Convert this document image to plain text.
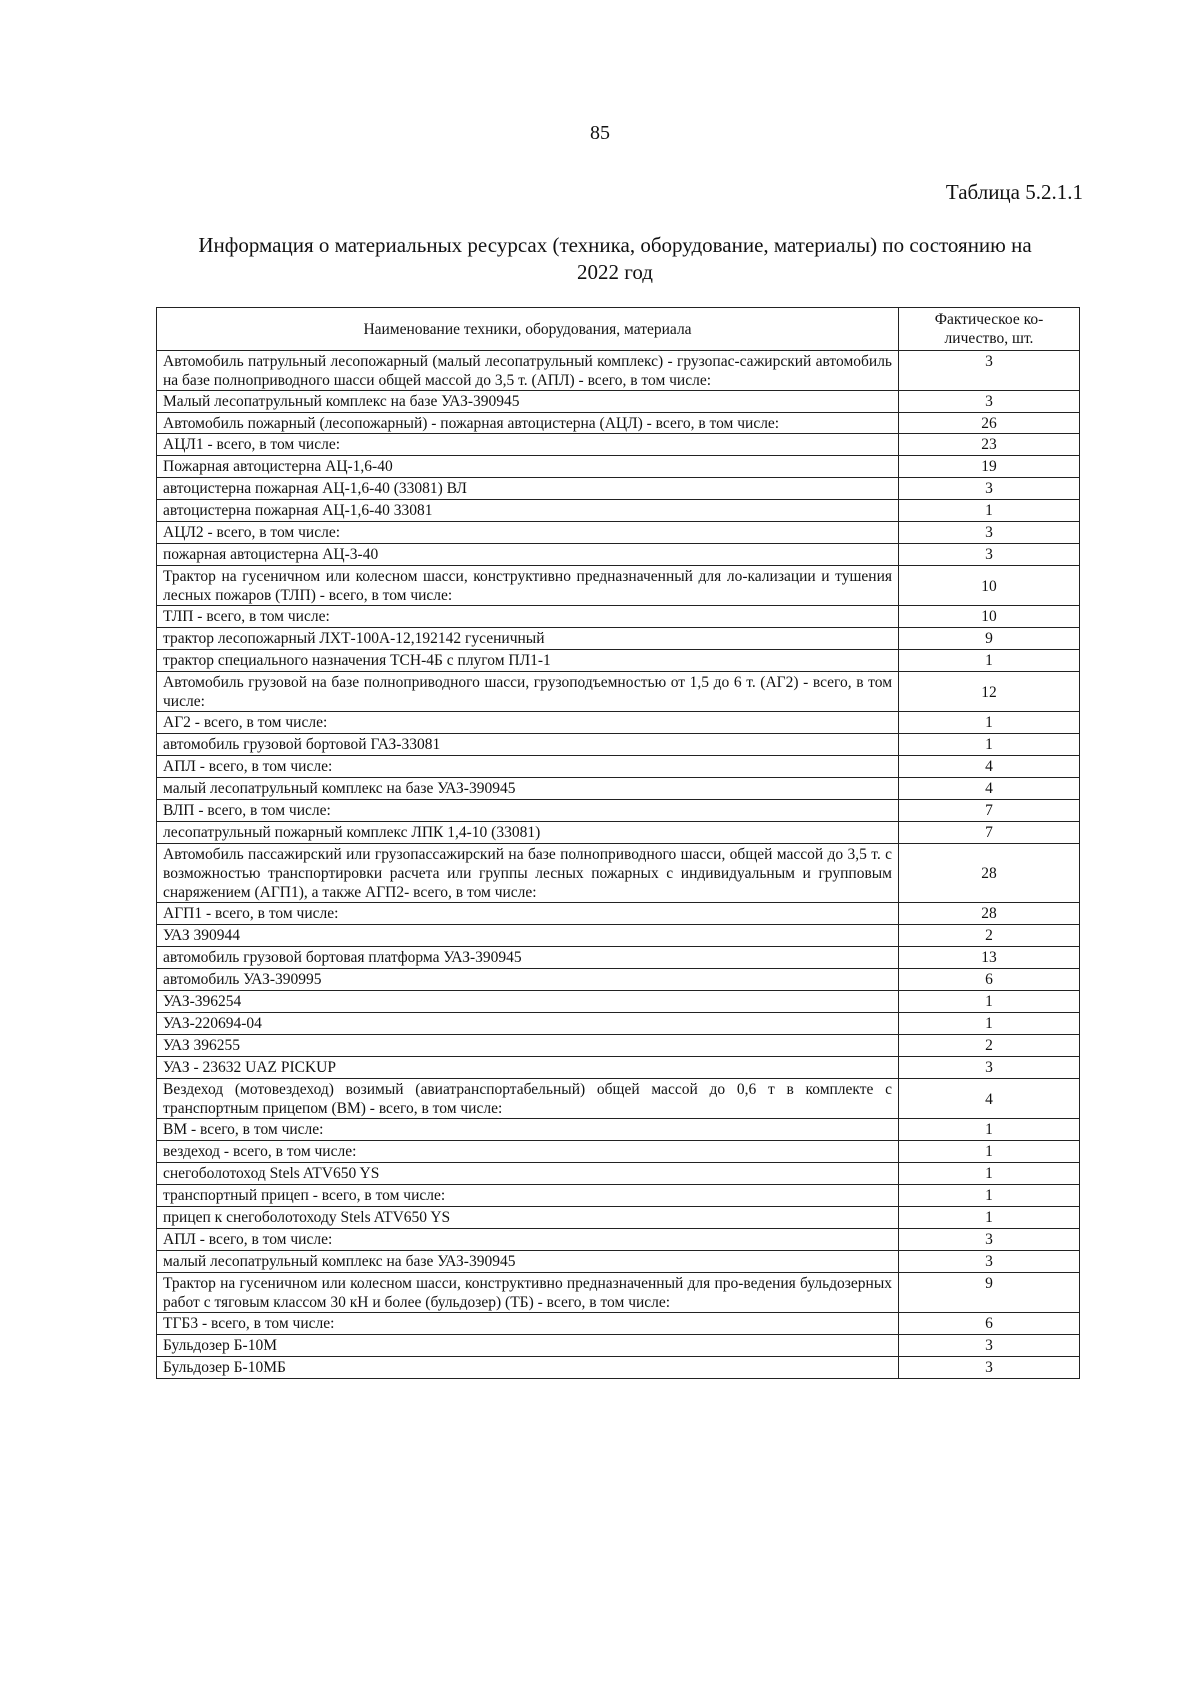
85
Таблица 5.2.1.1
Информация о материальных ресурсах (техника, оборудование, материалы) по состоянию на
2022 год
Наименование техники, оборудования, материала	Фактическое ко-
личество, шт.

Автомобиль патрульный лесопожарный (малый лесопатрульный комплекс) - грузопас-сажирский автомобиль на базе полноприводного шасси общей массой до 3,5 т. (АПЛ) - всего, в том числе:	3
Малый лесопатрульный комплекс на базе УАЗ-390945	3
Автомобиль пожарный (лесопожарный) - пожарная автоцистерна (АЦЛ) - всего, в том числе:	26
АЦЛ1 - всего, в том числе:	23
Пожарная автоцистерна АЦ-1,6-40	19
автоцистерна пожарная АЦ-1,6-40 (33081) ВЛ	3
автоцистерна пожарная АЦ-1,6-40 33081	1
АЦЛ2 - всего, в том числе:	3
пожарная автоцистерна АЦ-3-40	3
Трактор на гусеничном или колесном шасси, конструктивно предназначенный для ло-кализации и тушения лесных пожаров (ТЛП) - всего, в том числе:	10
ТЛП - всего, в том числе:	10
трактор лесопожарный ЛХТ-100А-12,192142 гусеничный	9
трактор специального назначения ТСН-4Б с плугом ПЛ1-1	1
Автомобиль грузовой на базе полноприводного шасси, грузоподъемностью от 1,5 до 6 т. (АГ2) - всего, в том числе:	12
АГ2 - всего, в том числе:	1
автомобиль грузовой бортовой ГАЗ-33081	1
АПЛ - всего, в том числе:	4
малый лесопатрульный комплекс на базе УАЗ-390945	4
ВЛП - всего, в том числе:	7
лесопатрульный пожарный комплекс ЛПК 1,4-10 (33081)	7
Автомобиль пассажирский или грузопассажирский на базе полноприводного шасси, общей массой до 3,5 т. с возможностью транспортировки расчета или группы лесных пожарных с индивидуальным и групповым снаряжением (АГП1), а также АГП2- всего, в том числе:	28
АГП1 - всего, в том числе:	28
УАЗ 390944	2
автомобиль грузовой бортовая платформа УАЗ-390945	13
автомобиль УАЗ-390995	6
УАЗ-396254	1
УАЗ-220694-04	1
УАЗ 396255	2
УАЗ - 23632 UAZ PICKUP	3
Вездеход (мотовездеход) возимый (авиатранспортабельный) общей массой до 0,6 т в комплекте с транспортным прицепом (ВМ) - всего, в том числе:	4
ВМ - всего, в том числе:	1
вездеход - всего, в том числе:	1
снегоболотоход Stels ATV650 YS	1
транспортный прицеп - всего, в том числе:	1
прицеп к снегоболотоходу Stels ATV650 YS	1
АПЛ - всего, в том числе:	3
малый лесопатрульный комплекс на базе УАЗ-390945	3
Трактор на гусеничном или колесном шасси, конструктивно предназначенный для про-ведения бульдозерных работ с тяговым классом 30 кН и более (бульдозер) (ТБ) - всего, в том числе:	9
ТГБ3 - всего, в том числе:	6
Бульдозер Б-10М	3
Бульдозер Б-10МБ	3
